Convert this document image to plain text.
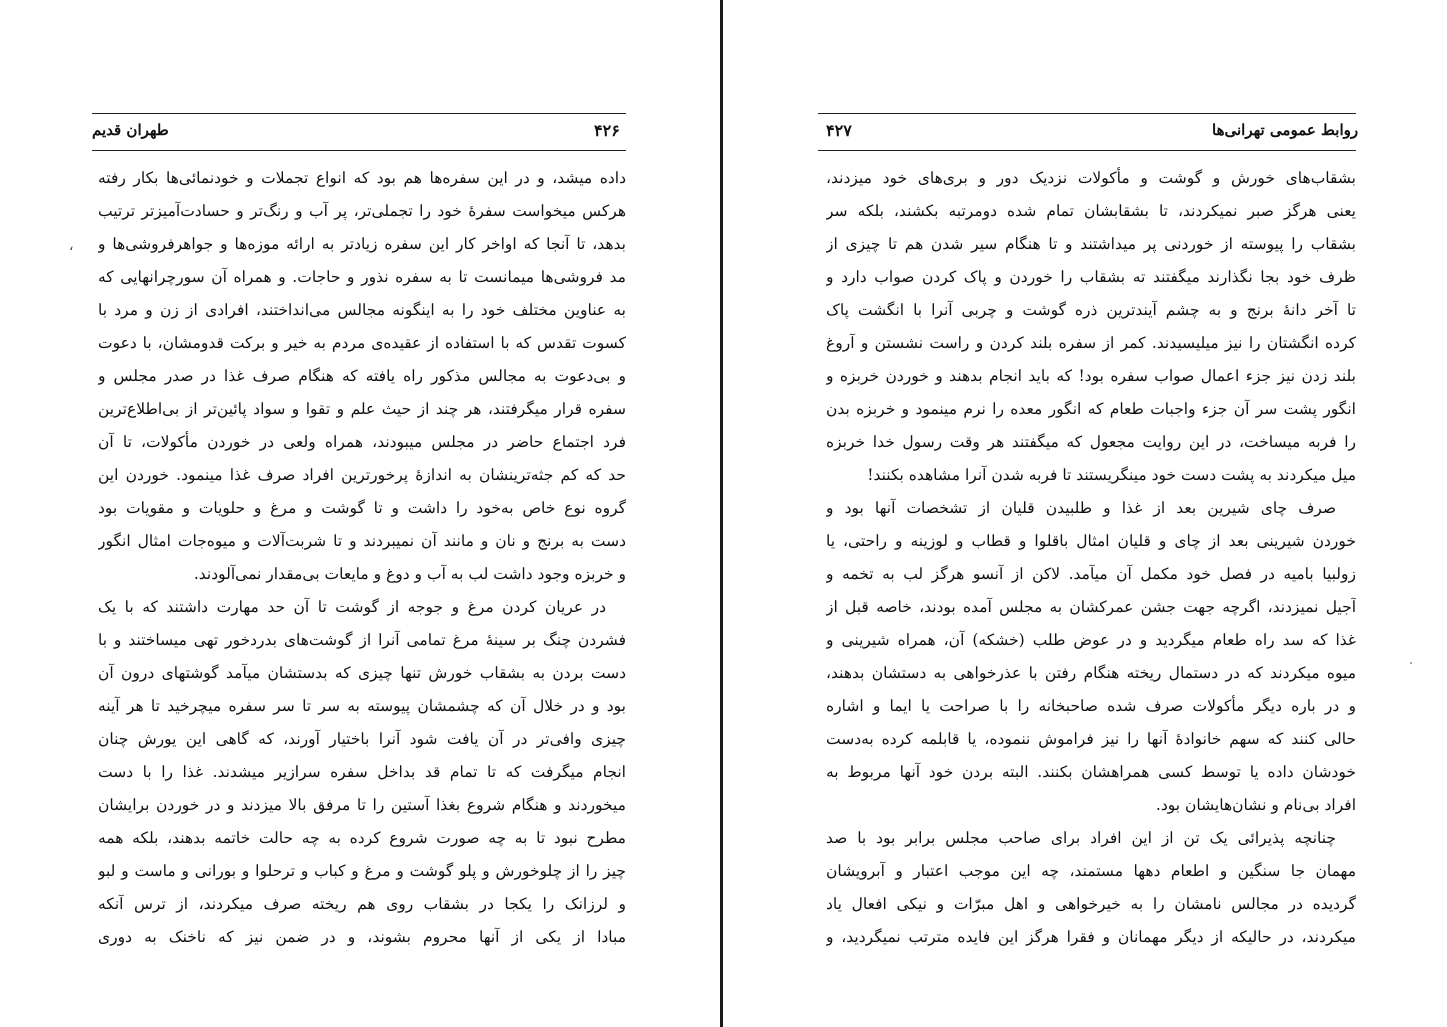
طهران قدیم	۴۲۶
داده میشد، و در این سفره‌ها هم بود که انواع تجملات و خودنمائی‌ها بکار رفته
هرکس میخواست سفرهٔ خود را تجملی‌تر، پر آب و رنگ‌تر و حسادت‌آمیزتر ترتیب
بدهد، تا آنجا که اواخر کار این سفره زیادتر به ارائه موزه‌ها و جواهرفروشی‌ها و
مد فروشی‌ها میمانست تا به سفره نذور و حاجات. و همراه آن سورچرانهایی که
به عناوین مختلف خود را به اینگونه مجالس می‌انداختند، افرادی از زن و مرد با
کسوت تقدس که با استفاده از عقیده‌ی مردم به خیر و برکت قدومشان، با دعوت
و بی‌دعوت به مجالس مذکور راه یافته که هنگام صرف غذا در صدر مجلس و
سفره قرار میگرفتند، هر چند از حیث علم و تقوا و سواد پائین‌تر از بی‌اطلاع‌ترین
فرد اجتماع حاضر در مجلس میبودند، همراه ولعی در خوردن مأکولات، تا آن
حد که کم جثه‌ترینشان به اندازهٔ پرخورترین افراد صرف غذا مینمود. خوردن این
گروه نوع خاص به‌خود را داشت و تا گوشت و مرغ و حلویات و مقویات بود
دست به برنج و نان و مانند آن نمیبردند و تا شربت‌آلات و میوه‌جات امثال انگور
و خربزه وجود داشت لب به آب و دوغ و مایعات بی‌مقدار نمی‌آلودند.
در عریان کردن مرغ و جوجه از گوشت تا آن حد مهارت داشتند که با یک
فشردن چنگ بر سینهٔ مرغ تمامی آنرا از گوشت‌های بدردخور تهی میساختند و با
دست بردن به بشقاب خورش تنها چیزی که بدستشان میآمد گوشتهای درون آن
بود و در خلال آن که چشمشان پیوسته به سر تا سر سفره میچرخید تا هر آینه
چیزی وافی‌تر در آن یافت شود آنرا باختیار آورند، که گاهی این یورش چنان
انجام میگرفت که تا تمام قد بداخل سفره سرازیر میشدند. غذا را با دست
میخوردند و هنگام شروع بغذا آستین را تا مرفق بالا میزدند و در خوردن برایشان
مطرح نبود تا به چه صورت شروع کرده به چه حالت خاتمه بدهند، بلکه همه
چیز را از چلوخورش و پلو گوشت و مرغ و کباب و ترحلوا و بورانی و ماست و لبو
و لرزانک را یکجا در بشقاب روی هم ریخته صرف میکردند، از ترس آنکه
مبادا از یکی از آنها محروم بشوند، و در ضمن نیز که ناخنک به دوری
،
روابط عمومی تهرانی‌ها
۴۲۷
بشقاب‌های خورش و گوشت و مأکولات نزدیک دور و بری‌های خود میزدند،
یعنی هرگز صبر نمیکردند، تا بشقابشان تمام شده دومرتبه بکشند، بلکه سر
بشقاب را پیوسته از خوردنی پر میداشتند و تا هنگام سیر شدن هم تا چیزی از
ظرف خود بجا نگذارند میگفتند ته بشقاب را خوردن و پاک کردن صواب دارد و
تا آخر دانهٔ برنج و به چشم آیندترین ذره گوشت و چربی آنرا با انگشت پاک
کرده انگشتان را نیز میلیسیدند. کمر از سفره بلند کردن و راست نشستن و آروغ
بلند زدن نیز جزء اعمال صواب سفره بود! که باید انجام بدهند و خوردن خربزه و
انگور پشت سر آن جزء واجبات طعام که انگور معده را نرم مینمود و خربزه بدن
را فربه میساخت، در این روایت مجعول که میگفتند هر وقت رسول خدا خربزه
میل میکردند به پشت دست خود مینگریستند تا فربه شدن آنرا مشاهده بکنند!
صرف چای شیرین بعد از غذا و طلبیدن قلیان از تشخصات آنها بود و
خوردن شیرینی بعد از چای و قلیان امثال باقلوا و قطاب و لوزینه و راحتی، یا
زولبیا بامیه در فصل خود مکمل آن میآمد. لاکن از آنسو هرگز لب به تخمه و
آجیل نمیزدند، اگرچه جهت جشن عمرکشان به مجلس آمده بودند، خاصه قبل از
غذا که سد راه طعام میگردید و در عوض طلب (خشکه) آن، همراه شیرینی و
میوه میکردند که در دستمال ریخته هنگام رفتن با عذرخواهی به دستشان بدهند،
و در باره دیگر مأکولات صرف شده صاحبخانه را با صراحت یا ایما و اشاره
حالی کنند که سهم خانوادهٔ آنها را نیز فراموش ننموده، یا قابلمه کرده به‌دست
خودشان داده یا توسط کسی همراهشان بکنند. البته بردن خود آنها مربوط به
افراد بی‌نام و نشان‌هایشان بود.
چنانچه پذیرائی یک تن از این افراد برای صاحب مجلس برابر بود با صد
مهمان جا سنگین و اطعام دهها مستمند، چه این موجب اعتبار و آبرویشان
گردیده در مجالس نامشان را به خیرخواهی و اهل مبرّات و نیکی افعال یاد
میکردند، در حالیکه از دیگر مهمانان و فقرا هرگز این فایده مترتب نمیگردید، و
